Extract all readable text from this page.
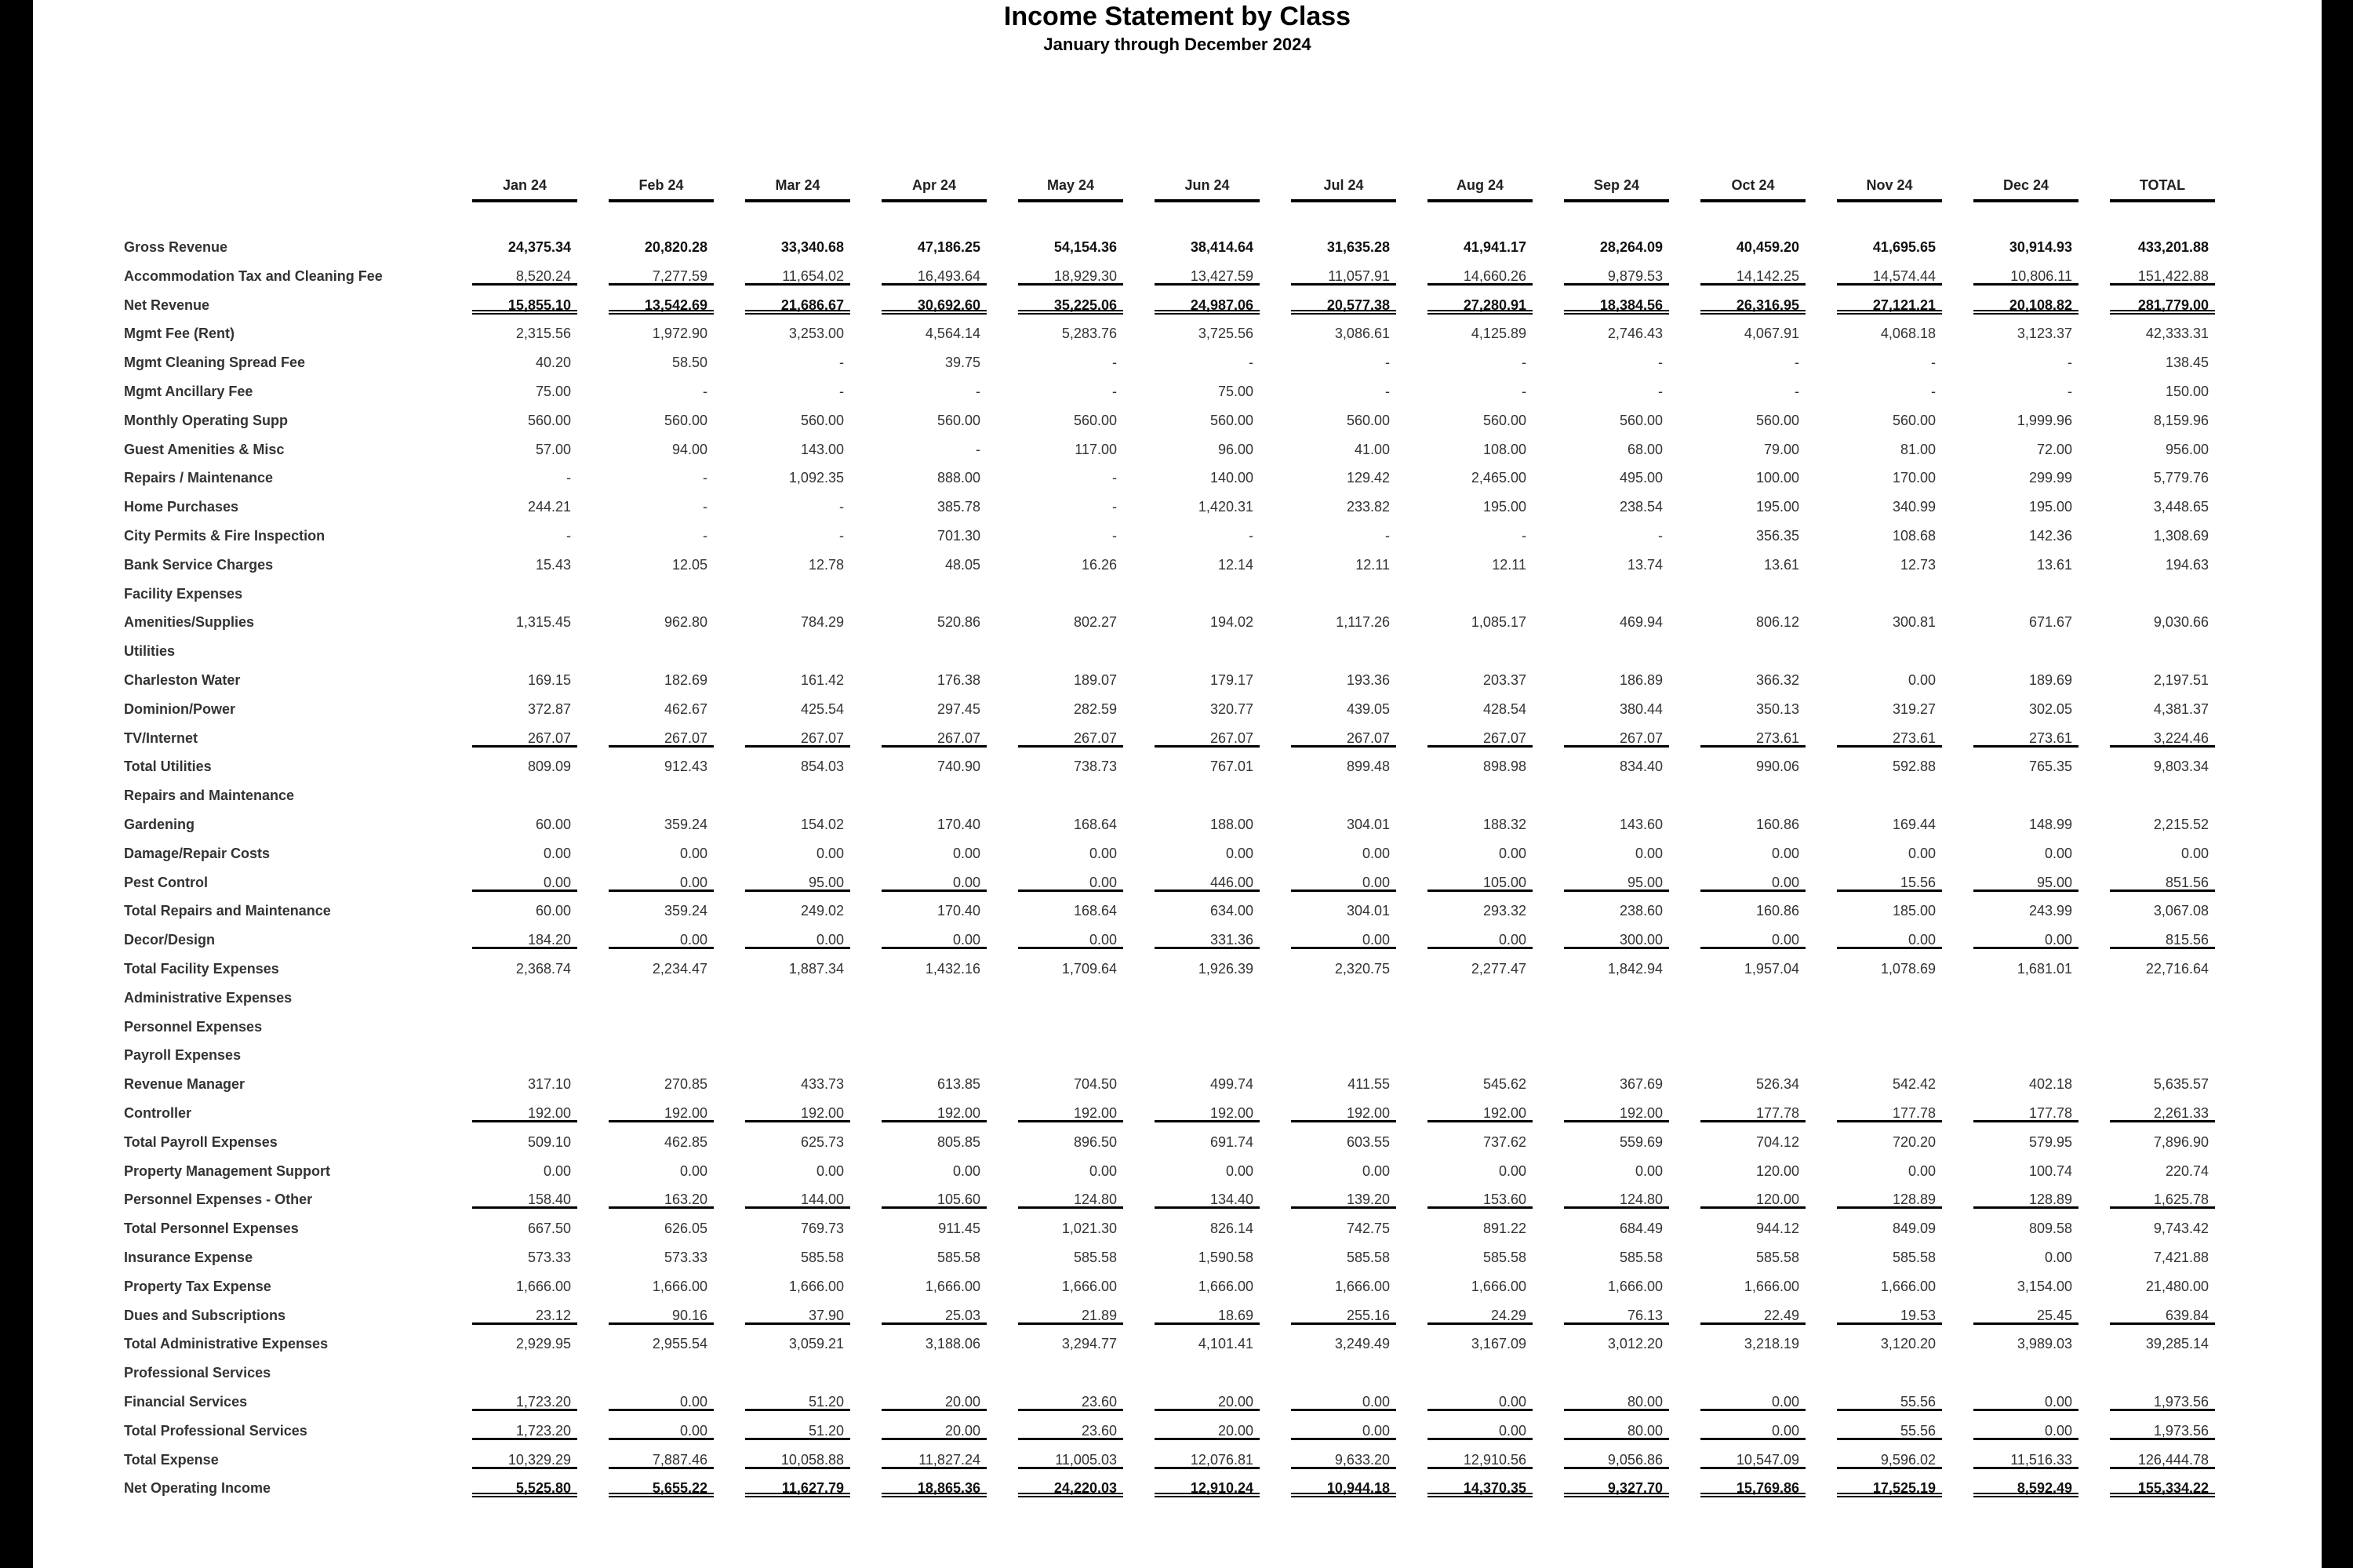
Income Statement by Class
January through December 2024
Jan 24	Feb 24	Mar 24	Apr 24	May 24	Jun 24	Jul 24	Aug 24	Sep 24	Oct 24	Nov 24	Dec 24	TOTAL
Gross Revenue	24,375.34	20,820.28	33,340.68	47,186.25	54,154.36	38,414.64	31,635.28	41,941.17	28,264.09	40,459.20	41,695.65	30,914.93	433,201.88
Accommodation Tax and Cleaning Fee	8,520.24	7,277.59	11,654.02	16,493.64	18,929.30	13,427.59	11,057.91	14,660.26	9,879.53	14,142.25	14,574.44	10,806.11	151,422.88
Net Revenue	15,855.10	13,542.69	21,686.67	30,692.60	35,225.06	24,987.06	20,577.38	27,280.91	18,384.56	26,316.95	27,121.21	20,108.82	281,779.00
Mgmt Fee (Rent)	2,315.56	1,972.90	3,253.00	4,564.14	5,283.76	3,725.56	3,086.61	4,125.89	2,746.43	4,067.91	4,068.18	3,123.37	42,333.31
Mgmt Cleaning Spread Fee	40.20	58.50	-	39.75	-	-	-	-	-	-	-	-	138.45
Mgmt Ancillary Fee	75.00	-	-	-	-	75.00	-	-	-	-	-	-	150.00
Monthly Operating Supp	560.00	560.00	560.00	560.00	560.00	560.00	560.00	560.00	560.00	560.00	560.00	1,999.96	8,159.96
Guest Amenities & Misc	57.00	94.00	143.00	-	117.00	96.00	41.00	108.00	68.00	79.00	81.00	72.00	956.00
Repairs / Maintenance	-	-	1,092.35	888.00	-	140.00	129.42	2,465.00	495.00	100.00	170.00	299.99	5,779.76
Home Purchases	244.21	-	-	385.78	-	1,420.31	233.82	195.00	238.54	195.00	340.99	195.00	3,448.65
City Permits & Fire Inspection	-	-	-	701.30	-	-	-	-	-	356.35	108.68	142.36	1,308.69
Bank Service Charges	15.43	12.05	12.78	48.05	16.26	12.14	12.11	12.11	13.74	13.61	12.73	13.61	194.63
Facility Expenses
Amenities/Supplies	1,315.45	962.80	784.29	520.86	802.27	194.02	1,117.26	1,085.17	469.94	806.12	300.81	671.67	9,030.66
Utilities
Charleston Water	169.15	182.69	161.42	176.38	189.07	179.17	193.36	203.37	186.89	366.32	0.00	189.69	2,197.51
Dominion/Power	372.87	462.67	425.54	297.45	282.59	320.77	439.05	428.54	380.44	350.13	319.27	302.05	4,381.37
TV/Internet	267.07	267.07	267.07	267.07	267.07	267.07	267.07	267.07	267.07	273.61	273.61	273.61	3,224.46
Total Utilities	809.09	912.43	854.03	740.90	738.73	767.01	899.48	898.98	834.40	990.06	592.88	765.35	9,803.34
Repairs and Maintenance
Gardening	60.00	359.24	154.02	170.40	168.64	188.00	304.01	188.32	143.60	160.86	169.44	148.99	2,215.52
Damage/Repair Costs	0.00	0.00	0.00	0.00	0.00	0.00	0.00	0.00	0.00	0.00	0.00	0.00	0.00
Pest Control	0.00	0.00	95.00	0.00	0.00	446.00	0.00	105.00	95.00	0.00	15.56	95.00	851.56
Total Repairs and Maintenance	60.00	359.24	249.02	170.40	168.64	634.00	304.01	293.32	238.60	160.86	185.00	243.99	3,067.08
Decor/Design	184.20	0.00	0.00	0.00	0.00	331.36	0.00	0.00	300.00	0.00	0.00	0.00	815.56
Total Facility Expenses	2,368.74	2,234.47	1,887.34	1,432.16	1,709.64	1,926.39	2,320.75	2,277.47	1,842.94	1,957.04	1,078.69	1,681.01	22,716.64
Administrative Expenses
Personnel Expenses
Payroll Expenses
Revenue Manager	317.10	270.85	433.73	613.85	704.50	499.74	411.55	545.62	367.69	526.34	542.42	402.18	5,635.57
Controller	192.00	192.00	192.00	192.00	192.00	192.00	192.00	192.00	192.00	177.78	177.78	177.78	2,261.33
Total Payroll Expenses	509.10	462.85	625.73	805.85	896.50	691.74	603.55	737.62	559.69	704.12	720.20	579.95	7,896.90
Property Management Support	0.00	0.00	0.00	0.00	0.00	0.00	0.00	0.00	0.00	120.00	0.00	100.74	220.74
Personnel Expenses - Other	158.40	163.20	144.00	105.60	124.80	134.40	139.20	153.60	124.80	120.00	128.89	128.89	1,625.78
Total Personnel Expenses	667.50	626.05	769.73	911.45	1,021.30	826.14	742.75	891.22	684.49	944.12	849.09	809.58	9,743.42
Insurance Expense	573.33	573.33	585.58	585.58	585.58	1,590.58	585.58	585.58	585.58	585.58	585.58	0.00	7,421.88
Property Tax Expense	1,666.00	1,666.00	1,666.00	1,666.00	1,666.00	1,666.00	1,666.00	1,666.00	1,666.00	1,666.00	1,666.00	3,154.00	21,480.00
Dues and Subscriptions	23.12	90.16	37.90	25.03	21.89	18.69	255.16	24.29	76.13	22.49	19.53	25.45	639.84
Total Administrative Expenses	2,929.95	2,955.54	3,059.21	3,188.06	3,294.77	4,101.41	3,249.49	3,167.09	3,012.20	3,218.19	3,120.20	3,989.03	39,285.14
Professional Services
Financial Services	1,723.20	0.00	51.20	20.00	23.60	20.00	0.00	0.00	80.00	0.00	55.56	0.00	1,973.56
Total Professional Services	1,723.20	0.00	51.20	20.00	23.60	20.00	0.00	0.00	80.00	0.00	55.56	0.00	1,973.56
Total Expense	10,329.29	7,887.46	10,058.88	11,827.24	11,005.03	12,076.81	9,633.20	12,910.56	9,056.86	10,547.09	9,596.02	11,516.33	126,444.78
Net Operating Income	5,525.80	5,655.22	11,627.79	18,865.36	24,220.03	12,910.24	10,944.18	14,370.35	9,327.70	15,769.86	17,525.19	8,592.49	155,334.22
